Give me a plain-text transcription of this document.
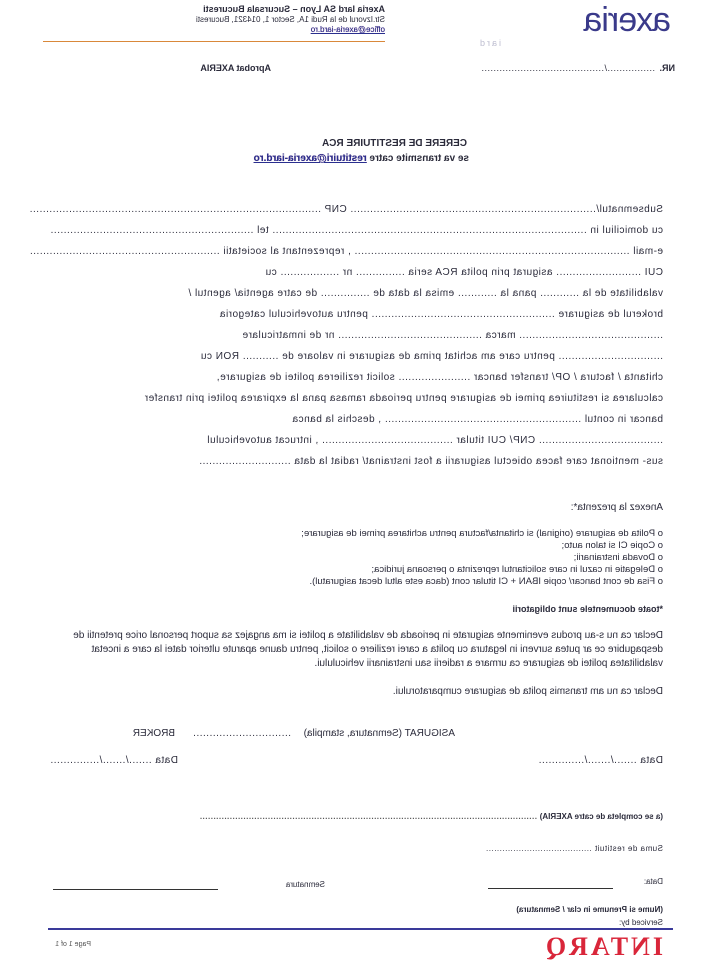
Axeria Iard SA Lyon – Sucursala Bucuresti
Str.Izvorul de la Rudi 1A, Sector 1, 014321, Bucuresti
office@axeria-iard.ro	axeria
iard
NR.
................/.........................................
Aprobat AXERIA
CERERE DE RESTITUIRE RCA
se va transmite catre restituiri@axeria-iard.ro
Subsemnatul/........................................................................... CNP .........................................................................................
cu domiciliul in ................................................................................................ tel ..............................................................
e-mail .................................................................................... , reprezentant al societatii ..........................................................
CUI .......................... asigurat prin polita RCA seria ............... nr .................. cu
valabilitate de la ............ pana la ............ emisa la data de ............... de catre agentia/ agentul /
brokerul de asigurare ........................................................ pentru autovehiculul categoria
............................................ marca ............................................ nr de inmatriculare
................................ pentru care am achitat prima de asigurare in valoare de ........... RON cu
chitanta / factura / OP/ transfer bancar ...................... solicit rezilierea politei de asigurare,
calcularea si restituirea primei de asigurare pentru perioada ramasa pana la expirarea politei prin transfer
bancar in contul ............................................................ , deschis la banca
...................................... CNP/ CUI titular ........................................ , intrucat autovehiculul
sus- mentionat care facea obiectul asigurarii a fost instrainat/ radiat la data ............................
Anexez la prezenta*:
o Polita de asigurare (original) si chitanta/factura pentru achitarea primei de asigurare;
o Copie CI si talon auto;
o Dovada instrainarii;
o Delegatie in cazul in care solicitantul reprezinta o persoana juridica;
o Fisa de cont bancar/ copie IBAN + CI titular cont (daca este altul decat asiguratul).
*toate documentele sunt obligatorii
Declar ca nu s-au produs evenimente asigurate in perioada de valabilitate a politei si ma angajez sa suport personal orice pretentii de despagubire ce ar putea surveni in legatura cu polita a carei reziliere o solicit, pentru daune aparute ulterior datei la care a incetat valabilitatea politei de asigurare ca urmare a radierii sau instrainarii vehiculului.
Declar ca nu am transmis polita de asigurare cumparatorului.
ASIGURAT (Semnatura, stampila)
..............................
BROKER
Data ......./......./..............
Data ......./......./...............
(a se completa de catre AXERIA) ............................................................................................................................
Suma de restituit .......................................
Data:
Semnatura
(Nume si Prenume in clar / Semnatura)
Serviced by:
INTARQ
Page 1 of 1
